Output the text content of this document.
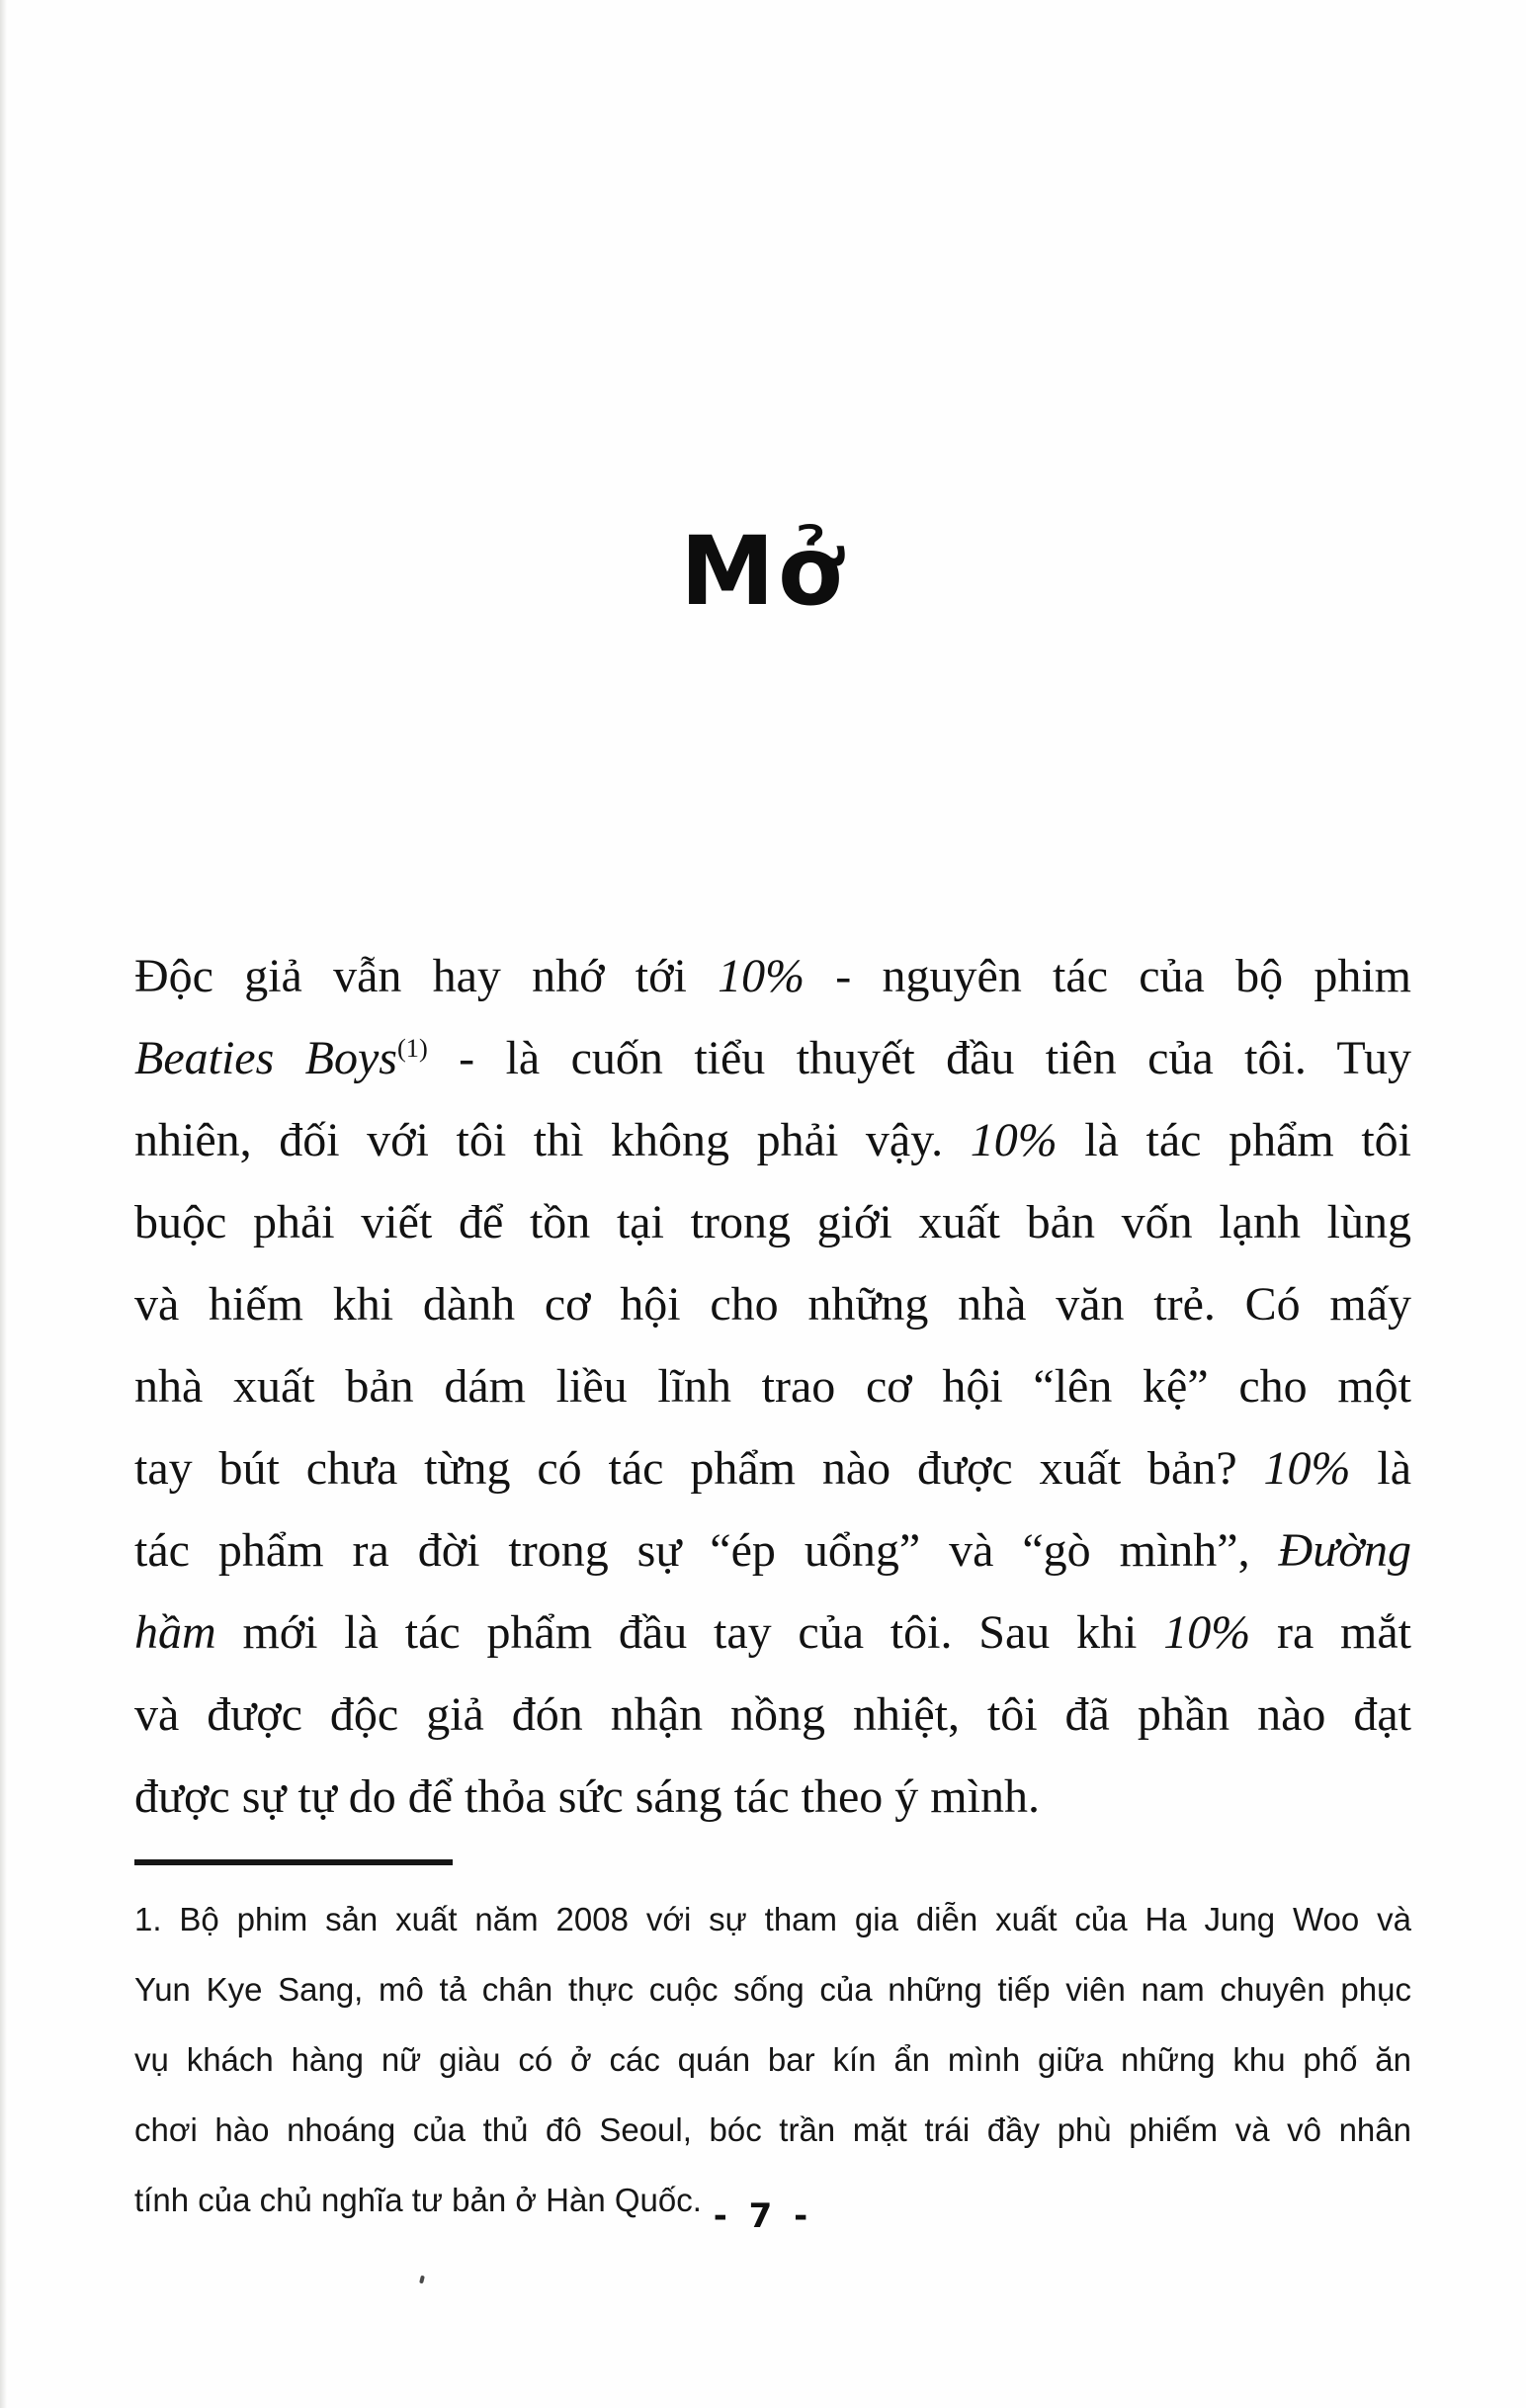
Mở
Độc giả vẫn hay nhớ tới 10% - nguyên tác của bộ phim
Beaties Boys$^{(1)}$ - là cuốn tiểu thuyết đầu tiên của tôi. Tuy
nhiên, đối với tôi thì không phải vậy. 10% là tác phẩm tôi
buộc phải viết để tồn tại trong giới xuất bản vốn lạnh lùng
và hiếm khi dành cơ hội cho những nhà văn trẻ. Có mấy
nhà xuất bản dám liều lĩnh trao cơ hội “lên kệ” cho một
tay bút chưa từng có tác phẩm nào được xuất bản? 10% là
tác phẩm ra đời trong sự “ép uổng” và “gò mình”, Đường
hầm mới là tác phẩm đầu tay của tôi. Sau khi 10% ra mắt
và được độc giả đón nhận nồng nhiệt, tôi đã phần nào đạt
được sự tự do để thỏa sức sáng tác theo ý mình.
1. Bộ phim sản xuất năm 2008 với sự tham gia diễn xuất của Ha Jung Woo và
Yun Kye Sang, mô tả chân thực cuộc sống của những tiếp viên nam chuyên phục
vụ khách hàng nữ giàu có ở các quán bar kín ẩn mình giữa những khu phố ăn
chơi hào nhoáng của thủ đô Seoul, bóc trần mặt trái đầy phù phiếm và vô nhân
tính của chủ nghĩa tư bản ở Hàn Quốc. - 7 -
